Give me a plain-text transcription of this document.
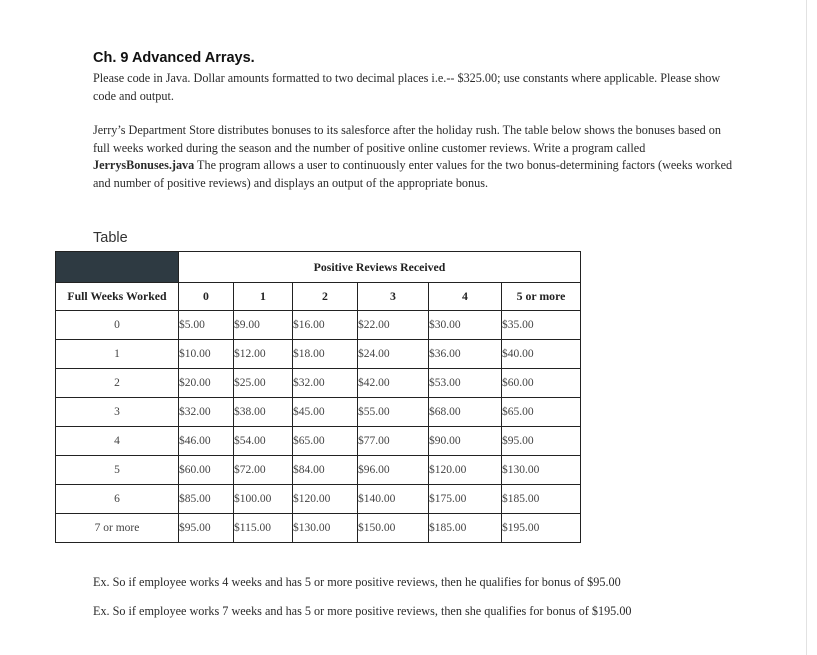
Ch. 9 Advanced Arrays.

Please code in Java. Dollar amounts formatted to two decimal places i.e.-- $325.00; use constants where applicable. Please show code and output.

Jerry’s Department Store distributes bonuses to its salesforce after the holiday rush. The table below shows the bonuses based on full weeks worked during the season and the number of positive online customer reviews. Write a program called JerrysBonuses.java The program allows a user to continuously enter values for the two bonus-determining factors (weeks worked and number of positive reviews) and displays an output of the appropriate bonus.

Table

	Positive Reviews Received					
Full Weeks Worked	0	1	2	3	4	5 or more
0	$5.00	$9.00	$16.00	$22.00	$30.00	$35.00
1	$10.00	$12.00	$18.00	$24.00	$36.00	$40.00
2	$20.00	$25.00	$32.00	$42.00	$53.00	$60.00
3	$32.00	$38.00	$45.00	$55.00	$68.00	$65.00
4	$46.00	$54.00	$65.00	$77.00	$90.00	$95.00
5	$60.00	$72.00	$84.00	$96.00	$120.00	$130.00
6	$85.00	$100.00	$120.00	$140.00	$175.00	$185.00
7 or more	$95.00	$115.00	$130.00	$150.00	$185.00	$195.00

Ex. So if employee works 4 weeks and has 5 or more positive reviews, then he qualifies for bonus of $95.00

Ex. So if employee works 7 weeks and has 5 or more positive reviews, then she qualifies for bonus of $195.00
